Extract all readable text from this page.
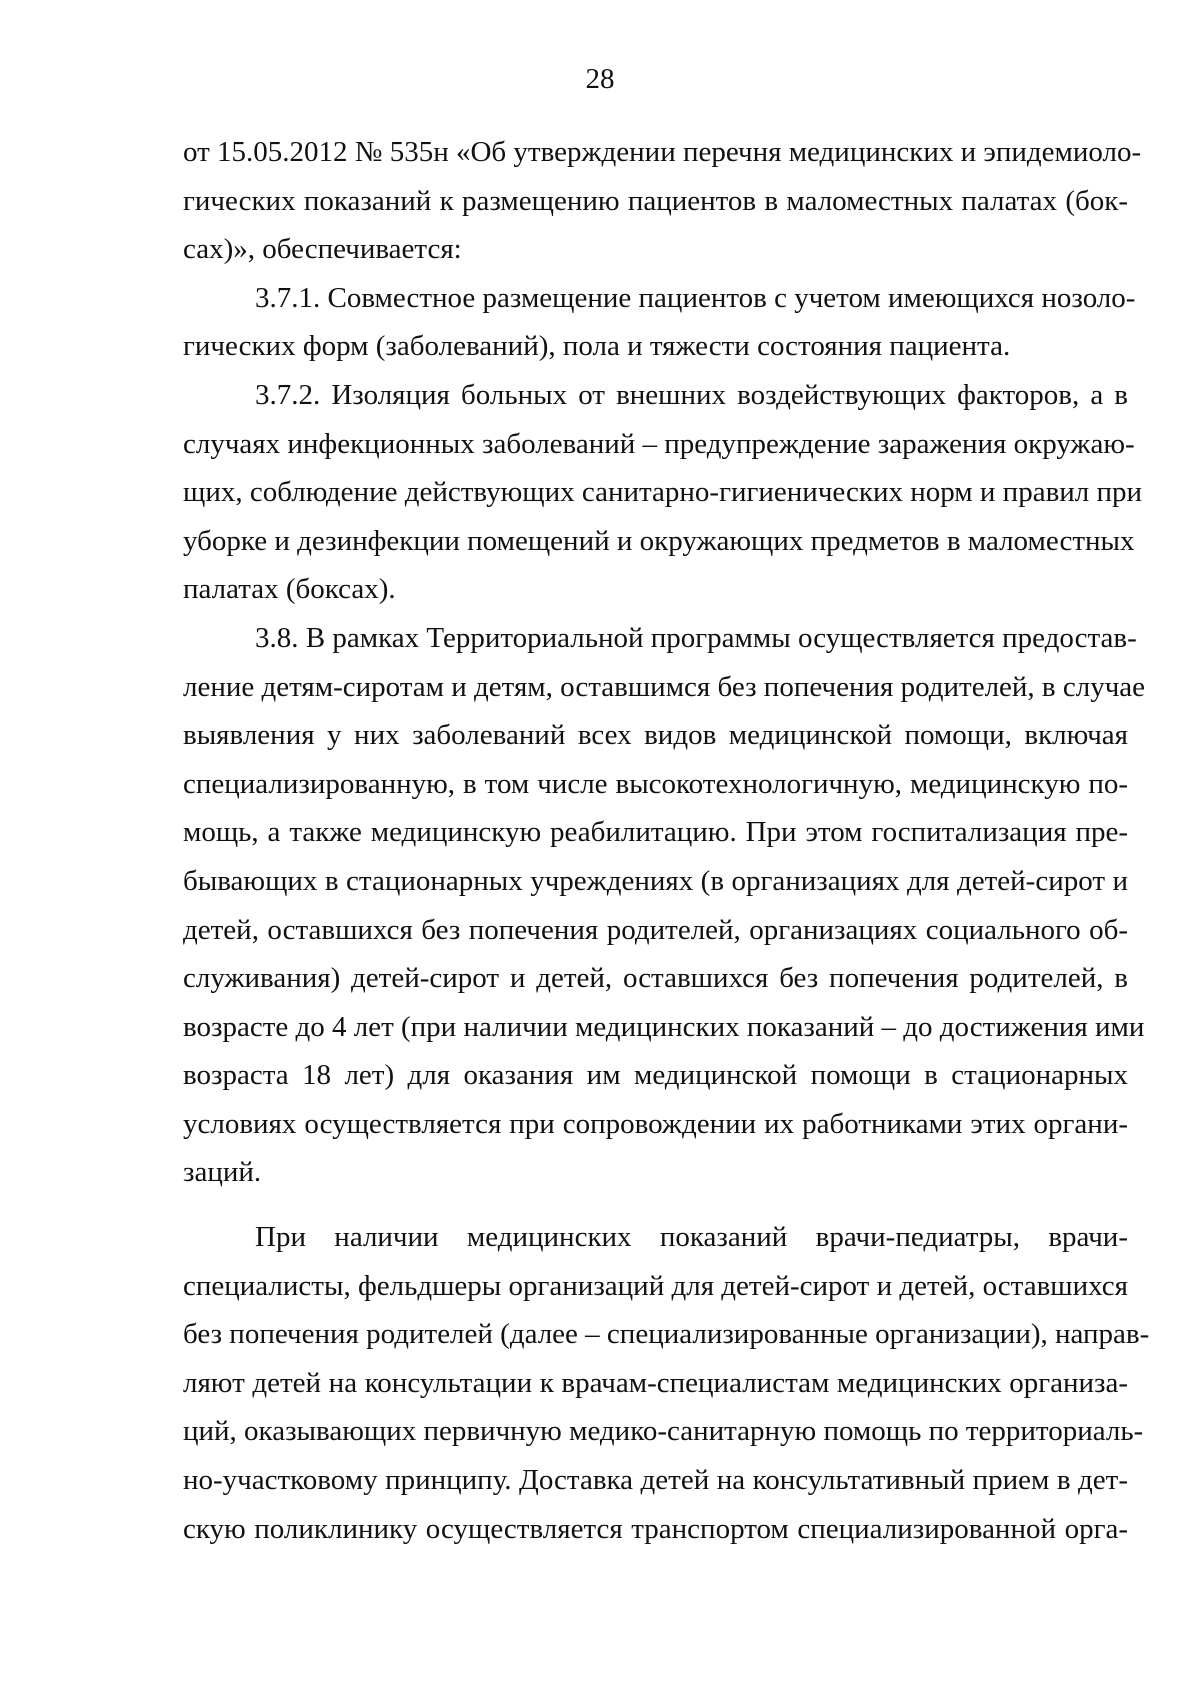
28
от 15.05.2012 № 535н «Об утверждении перечня медицинских и эпидемиоло-
гических показаний к размещению пациентов в маломестных палатах (бок-
сах)», обеспечивается:
3.7.1. Совместное размещение пациентов с учетом имеющихся нозоло-
гических форм (заболеваний), пола и тяжести состояния пациента.
3.7.2. Изоляция больных от внешних воздействующих факторов, а в
случаях инфекционных заболеваний – предупреждение заражения окружаю-
щих, соблюдение действующих санитарно-гигиенических норм и правил при
уборке и дезинфекции помещений и окружающих предметов в маломестных
палатах (боксах).
3.8. В рамках Территориальной программы осуществляется предостав-
ление детям-сиротам и детям, оставшимся без попечения родителей, в случае
выявления у них заболеваний всех видов медицинской помощи, включая
специализированную, в том числе высокотехнологичную, медицинскую по-
мощь, а также медицинскую реабилитацию. При этом госпитализация пре-
бывающих в стационарных учреждениях (в организациях для детей-сирот и
детей, оставшихся без попечения родителей, организациях социального об-
служивания) детей-сирот и детей, оставшихся без попечения родителей, в
возрасте до 4 лет (при наличии медицинских показаний – до достижения ими
возраста 18 лет) для оказания им медицинской помощи в стационарных
условиях осуществляется при сопровождении их работниками этих органи-
заций.
При наличии медицинских показаний врачи-педиатры, врачи-
специалисты, фельдшеры организаций для детей-сирот и детей, оставшихся
без попечения родителей (далее – специализированные организации), направ-
ляют детей на консультации к врачам-специалистам медицинских организа-
ций, оказывающих первичную медико-санитарную помощь по территориаль-
но-участковому принципу. Доставка детей на консультативный прием в дет-
скую поликлинику осуществляется транспортом специализированной орга-
